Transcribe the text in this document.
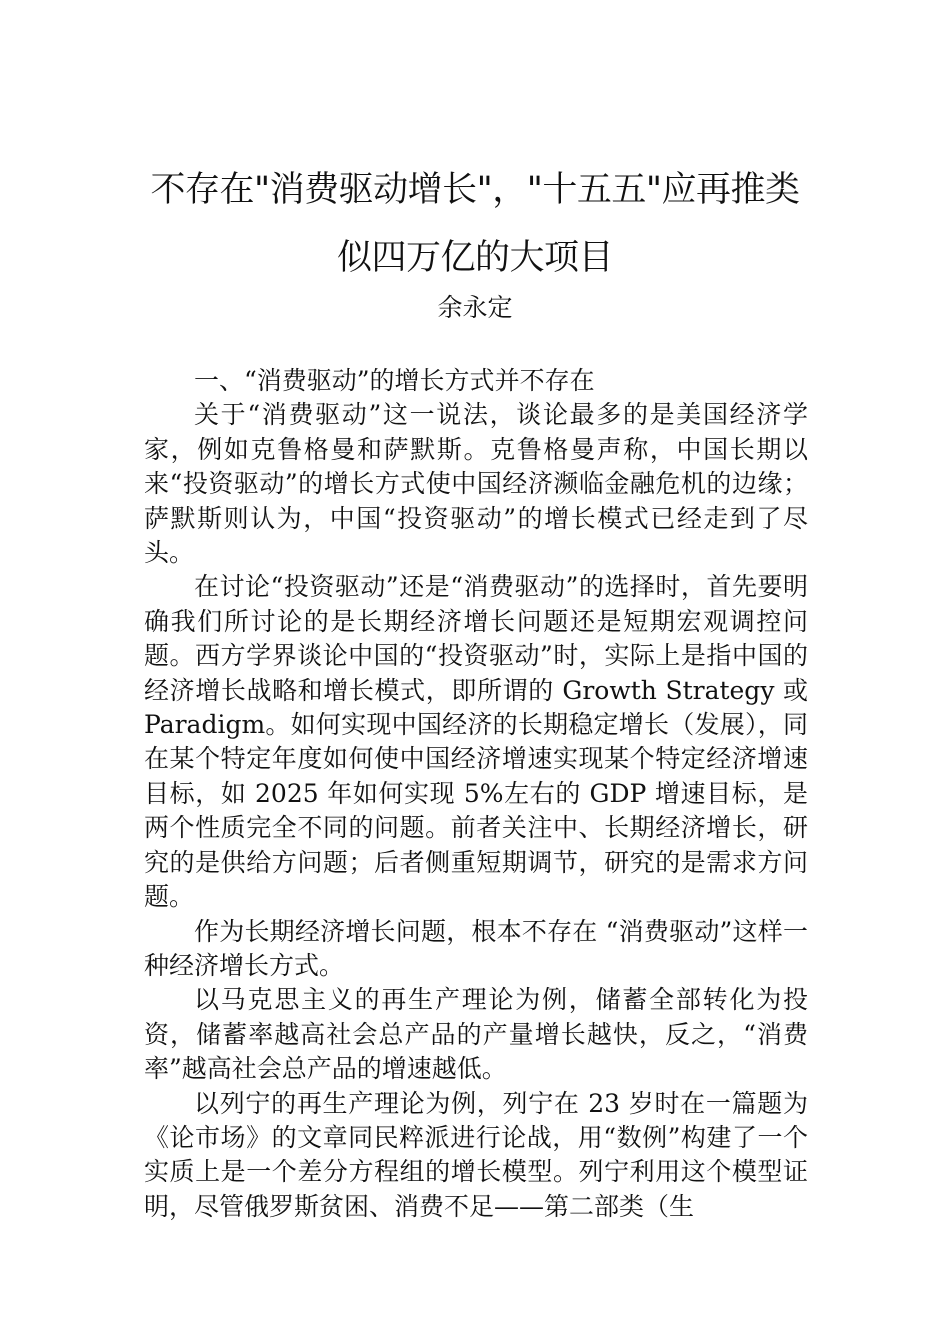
不存在"消费驱动增长"，"十五五"应再推类
似四万亿的大项目
余永定

一、“消费驱动”的增长方式并不存在

关于“消费驱动”这一说法，谈论最多的是美国经济学家，例如克鲁格曼和萨默斯。克鲁格曼声称，中国长期以来“投资驱动”的增长方式使中国经济濒临金融危机的边缘；萨默斯则认为，中国“投资驱动”的增长模式已经走到了尽头。

在讨论“投资驱动”还是“消费驱动”的选择时，首先要明确我们所讨论的是长期经济增长问题还是短期宏观调控问题。西方学界谈论中国的“投资驱动”时，实际上是指中国的经济增长战略和增长模式，即所谓的 Growth Strategy 或 Paradigm。如何实现中国经济的长期稳定增长（发展），同在某个特定年度如何使中国经济增速实现某个特定经济增速目标，如 2025 年如何实现 5%左右的 GDP 增速目标，是两个性质完全不同的问题。前者关注中、长期经济增长，研究的是供给方问题；后者侧重短期调节，研究的是需求方问题。

作为长期经济增长问题，根本不存在 “消费驱动”这样一种经济增长方式。

以马克思主义的再生产理论为例，储蓄全部转化为投资，储蓄率越高社会总产品的产量增长越快，反之，“消费率”越高社会总产品的增速越低。

以列宁的再生产理论为例，列宁在 23 岁时在一篇题为《论市场》的文章同民粹派进行论战，用“数例”构建了一个实质上是一个差分方程组的增长模型。列宁利用这个模型证明，尽管俄罗斯贫困、消费不足——第二部类（生
